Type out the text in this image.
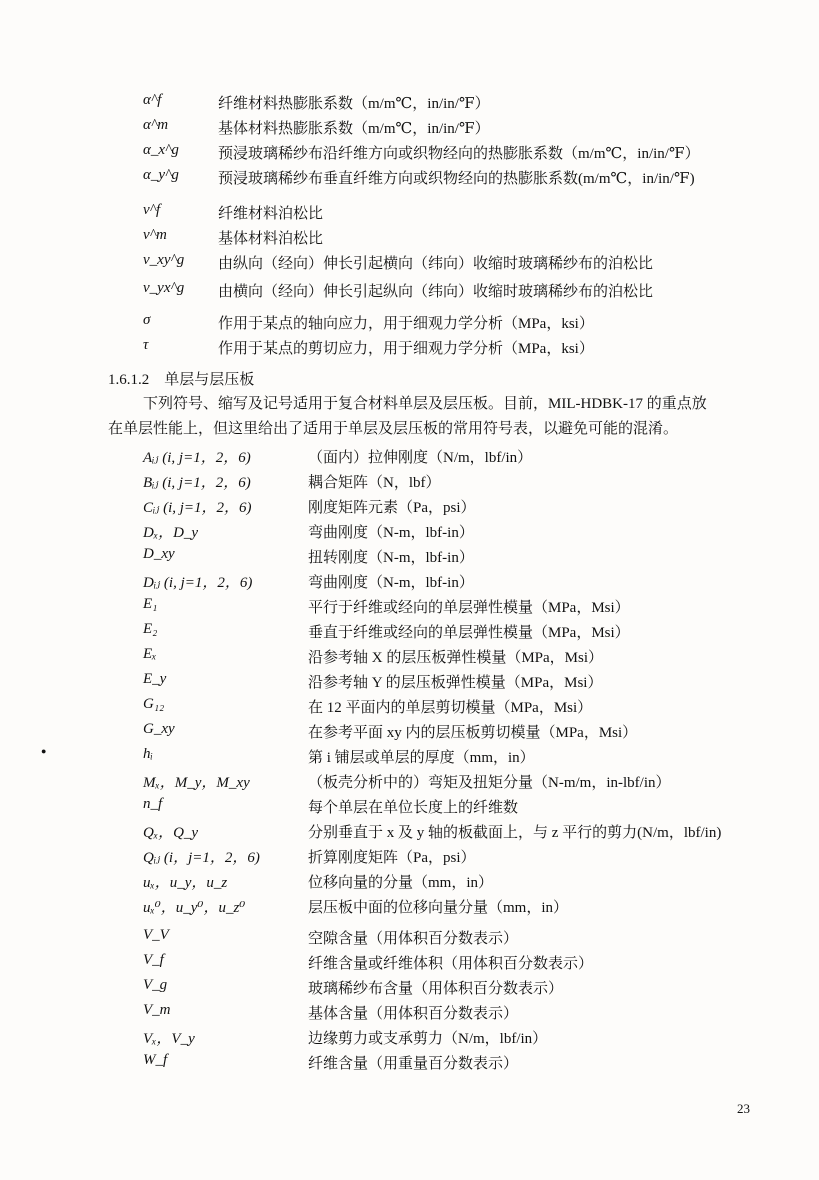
α^f	纤维材料热膨胀系数（m/m℃，in/in/℉）
α^m	基体材料热膨胀系数（m/m℃，in/in/℉）
α_x^g	预浸玻璃稀纱布沿纤维方向或织物经向的热膨胀系数（m/m℃，in/in/℉）
α_y^g	预浸玻璃稀纱布垂直纤维方向或织物经向的热膨胀系数(m/m℃，in/in/℉)
ν^f	纤维材料泊松比
ν^m	基体材料泊松比
ν_xy^g 由纵向（经向）伸长引起横向（纬向）收缩时玻璃稀纱布的泊松比
ν_yx^g 由横向（经向）伸长引起纵向（纬向）收缩时玻璃稀纱布的泊松比
σ	作用于某点的轴向应力，用于细观力学分析（MPa，ksi）
τ	作用于某点的剪切应力，用于细观力学分析（MPa，ksi）
1.6.1.2　单层与层压板
下列符号、缩写及记号适用于复合材料单层及层压板。目前，MIL-HDBK-17 的重点放
在单层性能上，但这里给出了适用于单层及层压板的常用符号表，以避免可能的混淆。
Aᵢⱼ (i, j=1，2，6)	（面内）拉伸刚度（N/m，lbf/in）
Bᵢⱼ (i, j=1，2，6)	耦合矩阵（N，lbf）
Cᵢⱼ (i, j=1，2，6)	刚度矩阵元素（Pa，psi）
Dₓ，D_y	弯曲刚度（N-m，lbf-in）
D_xy	扭转刚度（N-m，lbf-in）
Dᵢⱼ (i, j=1，2，6)	弯曲刚度（N-m，lbf-in）
E₁	平行于纤维或经向的单层弹性模量（MPa，Msi）
E₂	垂直于纤维或经向的单层弹性模量（MPa，Msi）
Eₓ	沿参考轴 X 的层压板弹性模量（MPa，Msi）
E_y	沿参考轴 Y 的层压板弹性模量（MPa，Msi）
G₁₂	在 12 平面内的单层剪切模量（MPa，Msi）
G_xy	在参考平面 xy 内的层压板剪切模量（MPa，Msi）
hᵢ	第 i 铺层或单层的厚度（mm，in）
Mₓ，M_y，M_xy	（板壳分析中的）弯矩及扭矩分量（N-m/m，in-lbf/in）
n_f	每个单层在单位长度上的纤维数
Qₓ，Q_y	分别垂直于 x 及 y 轴的板截面上，与 z 平行的剪力(N/m，lbf/in)
Qᵢⱼ (i，j=1，2，6)	折算刚度矩阵（Pa，psi）
uₓ，u_y，u_z	位移向量的分量（mm，in）
uₓ⁰，u_y⁰，u_z⁰	层压板中面的位移向量分量（mm，in）
V_V	空隙含量（用体积百分数表示）
V_f	纤维含量或纤维体积（用体积百分数表示）
V_g	玻璃稀纱布含量（用体积百分数表示）
V_m	基体含量（用体积百分数表示）
Vₓ，V_y	边缘剪力或支承剪力（N/m，lbf/in）
W_f	纤维含量（用重量百分数表示）
●
23
